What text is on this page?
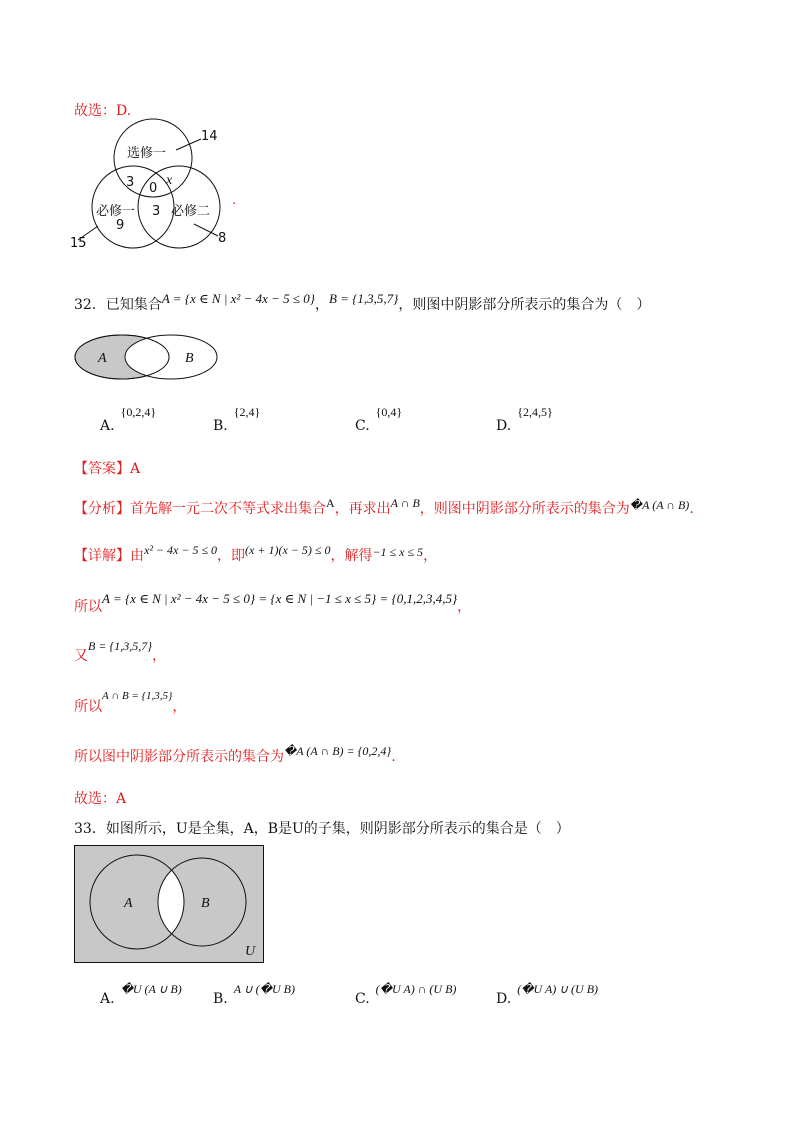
故选：D.
选修一
必修一	必修二
14
3 0
x
3
9
15	8
.
32．已知集合A = {x ∈ N | x² − 4x − 5 ≤ 0}，B = {1,3,5,7}，则图中阴影部分所表示的集合为（　）
A	B
A.{0,2,4}
B.{2,4}
C.{0,4}
D.{2,4,5}
【答案】A
【分析】首先解一元二次不等式求出集合A，再求出A ∩ B，则图中阴影部分所表示的集合为�A (A ∩ B).
【详解】由x² − 4x − 5 ≤ 0，即(x + 1)(x − 5) ≤ 0，解得−1 ≤ x ≤ 5，
所以A = {x ∈ N | x² − 4x − 5 ≤ 0} = {x ∈ N | −1 ≤ x ≤ 5} = {0,1,2,3,4,5}，
又B = {1,3,5,7}，
所以$^{A \cap B = \{1,3,5\}}$，
所以图中阴影部分所表示的集合为�A (A ∩ B) = {0,2,4}.
故选：A
33．如图所示，U是全集，A，B是U的子集，则阴影部分所表示的集合是（　）
A	B
U
A.�U (A ∪ B)
B.A ∪ (�U B)
C.(�U A) ∩ (U B)
D.(�U A) ∪ (U B)
